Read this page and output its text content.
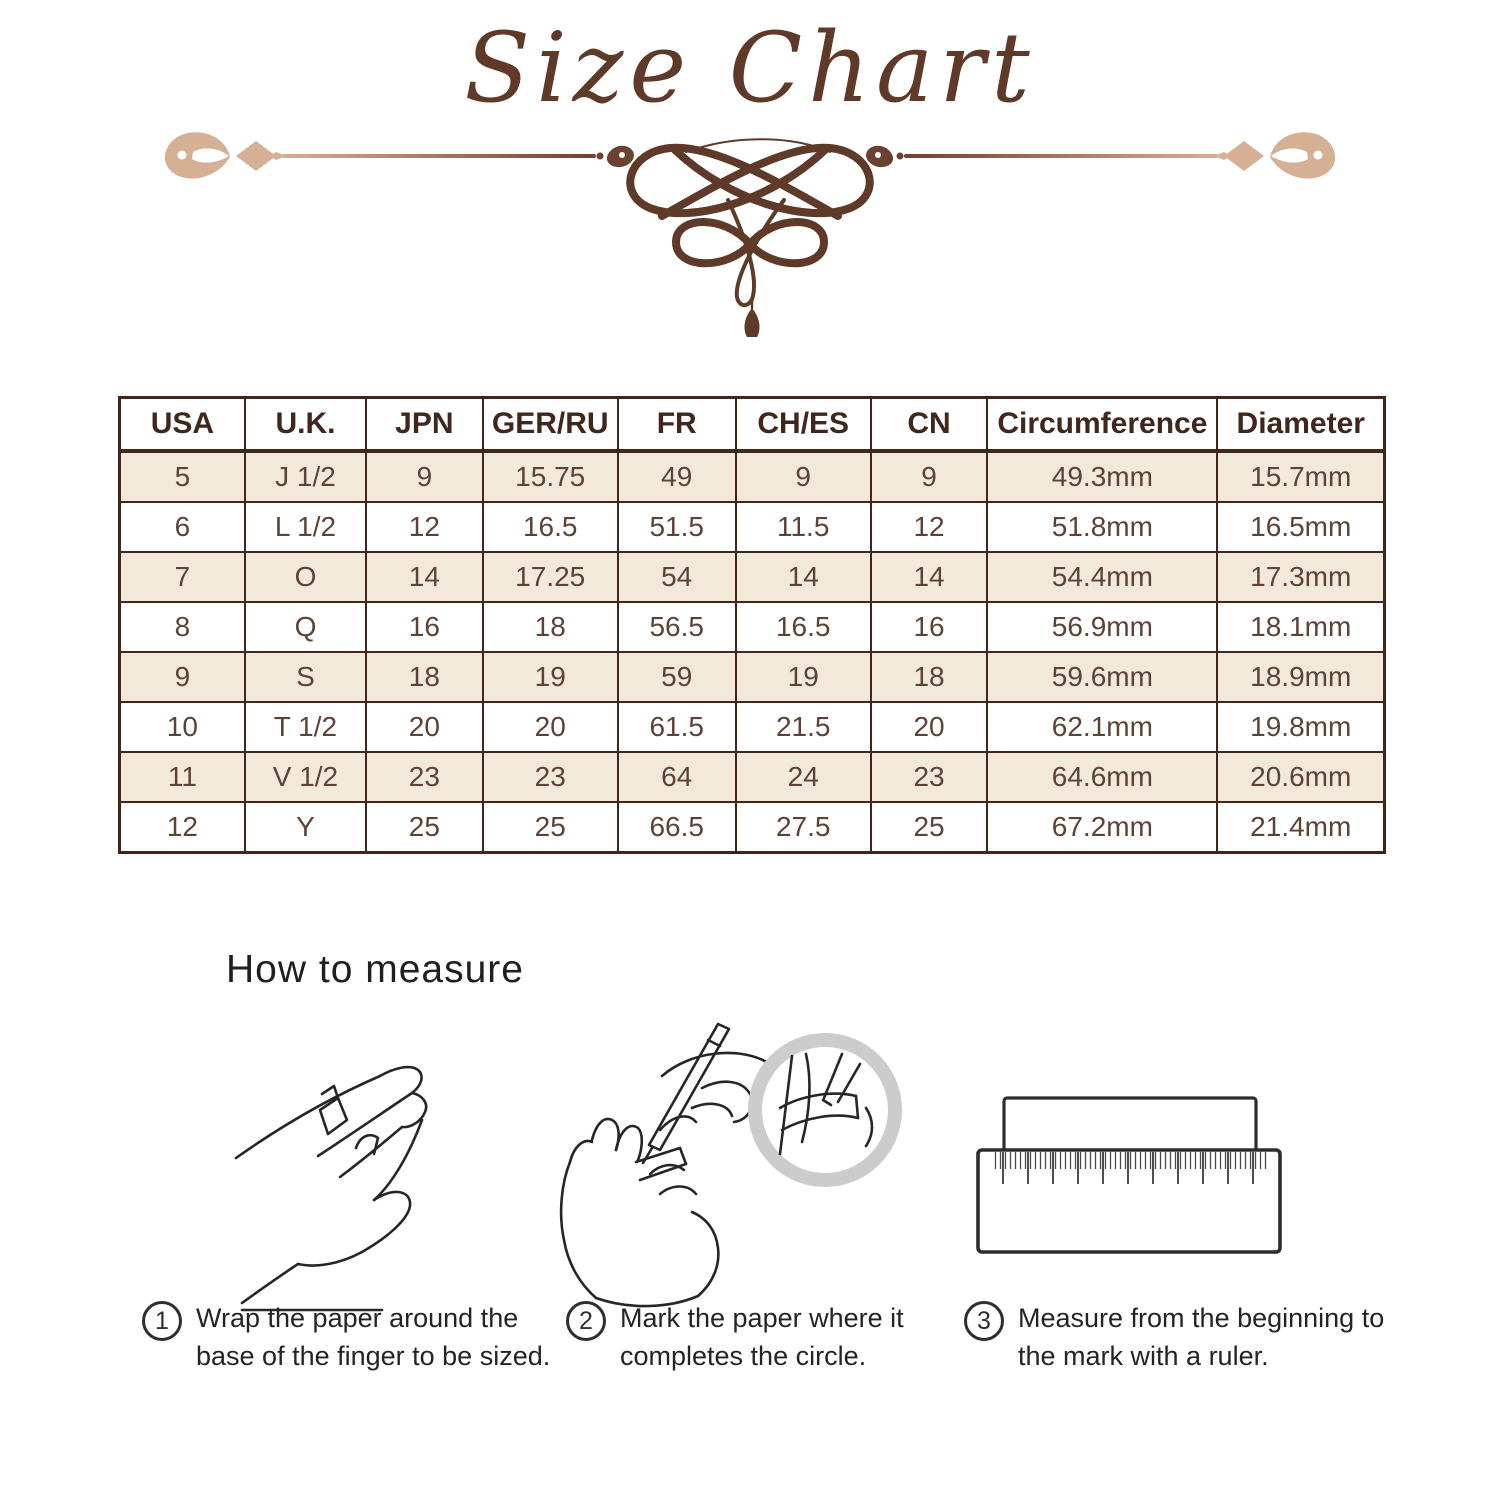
Size Chart
USA	U.K.	JPN	GER/RU	FR	CH/ES	CN	Circumference	Diameter
5	J 1/2	9	15.75	49	9	9	49.3mm	15.7mm
6	L 1/2	12	16.5	51.5	11.5	12	51.8mm	16.5mm
7	O	14	17.25	54	14	14	54.4mm	17.3mm
8	Q	16	18	56.5	16.5	16	56.9mm	18.1mm
9	S	18	19	59	19	18	59.6mm	18.9mm
10	T 1/2	20	20	61.5	21.5	20	62.1mm	19.8mm
11	V 1/2	23	23	64	24	23	64.6mm	20.6mm
12	Y	25	25	66.5	27.5	25	67.2mm	21.4mm
How to measure
1	Wrap the paper around the
base of the finger to be sized.
2	Mark the paper where it
completes the circle.
3	Measure from the beginning to
the mark with a ruler.
